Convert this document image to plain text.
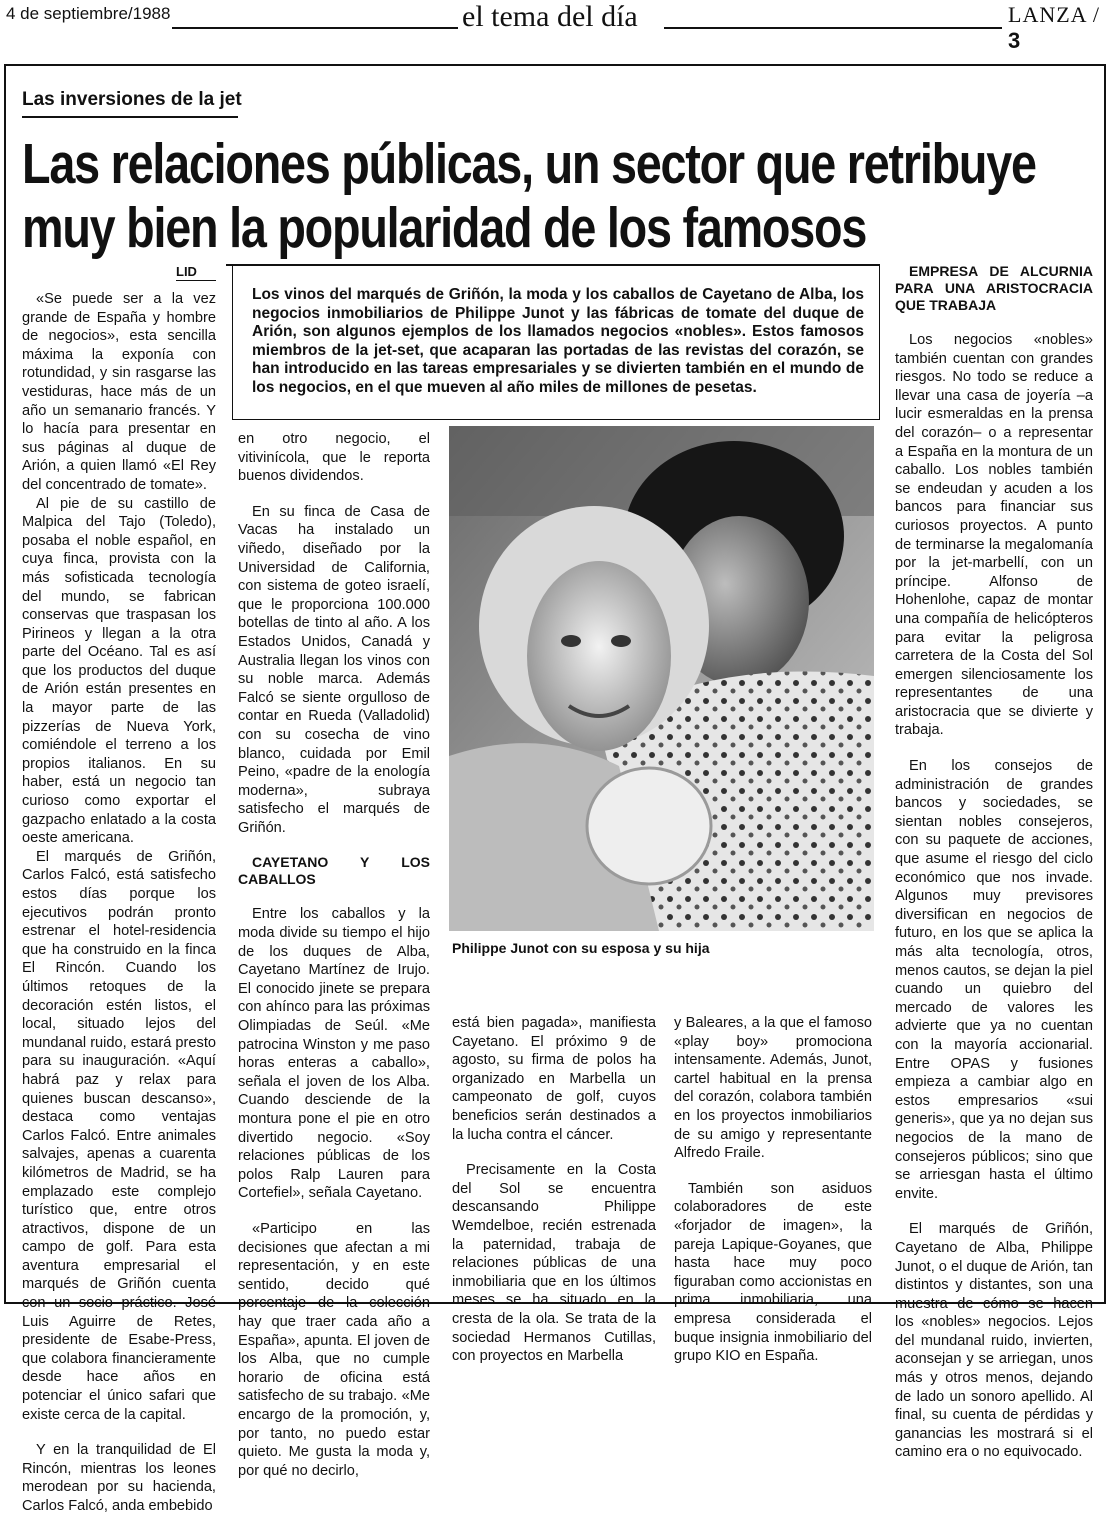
4 de septiembre/1988	el tema del día	LANZA / 3
Las inversiones de la jet
Las relaciones públicas, un sector que retribuye
muy bien la popularidad de los famosos
LID
Los vinos del marqués de Griñón, la moda y los caballos de Cayetano de Alba, los negocios inmobiliarios de Philippe Junot y las fábricas de tomate del duque de Arión, son algunos ejemplos de los llamados negocios «nobles». Estos famosos miembros de la jet-set, que acaparan las portadas de las revistas del corazón, se han introducido en las tareas empresariales y se divierten también en el mundo de los negocios, en el que mueven al año miles de millones de pesetas.

«Se puede ser a la vez grande de España y hombre de negocios», esta sencilla máxima la exponía con rotundidad, y sin rasgarse las vestiduras, hace más de un año un semanario francés. Y lo hacía para presentar en sus páginas al duque de Arión, a quien llamó «El Rey del concentrado de tomate».

Al pie de su castillo de Malpica del Tajo (Toledo), posaba el noble español, en cuya finca, provista con la más sofisticada tecnología del mundo, se fabrican conservas que traspasan los Pirineos y llegan a la otra parte del Océano. Tal es así que los productos del duque de Arión están presentes en la mayor parte de las pizzerías de Nueva York, comiéndole el terreno a los propios italianos. En su haber, está un negocio tan curioso como exportar el gazpacho enlatado a la costa oeste americana.

El marqués de Griñón, Carlos Falcó, está satisfecho estos días porque los ejecutivos podrán pronto estrenar el hotel-residencia que ha construido en la finca El Rincón. Cuando los últimos retoques de la decoración estén listos, el local, situado lejos del mundanal ruido, estará presto para su inauguración. «Aquí habrá paz y relax para quienes buscan descanso», destaca como ventajas Carlos Falcó. Entre animales salvajes, apenas a cuarenta kilómetros de Madrid, se ha emplazado este complejo turístico que, entre otros atractivos, dispone de un campo de golf. Para esta aventura empresarial el marqués de Griñón cuenta con un socio práctico. José Luis Aguirre de Retes, presidente de Esabe-Press, que colabora financieramente desde hace años en potenciar el único safari que existe cerca de la capital.

Y en la tranquilidad de El Rincón, mientras los leones merodean por su hacienda, Carlos Falcó, anda embebido

en otro negocio, el vitivinícola, que le reporta buenos dividendos.

En su finca de Casa de Vacas ha instalado un viñedo, diseñado por la Universidad de California, con sistema de goteo israelí, que le proporciona 100.000 botellas de tinto al año. A los Estados Unidos, Canadá y Australia llegan los vinos con su noble marca. Además Falcó se siente orgulloso de contar en Rueda (Valladolid) con su cosecha de vino blanco, cuidada por Emil Peino, «padre de la enología moderna», subraya satisfecho el marqués de Griñón.

CAYETANO Y LOS CABALLOS

Entre los caballos y la moda divide su tiempo el hijo de los duques de Alba, Cayetano Martínez de Irujo. El conocido jinete se prepara con ahínco para las próximas Olimpiadas de Seúl. «Me patrocina Winston y me paso horas enteras a caballo», señala el joven de los Alba. Cuando desciende de la montura pone el pie en otro divertido negocio. «Soy relaciones públicas de los polos Ralp Lauren para Cortefiel», señala Cayetano.

«Participo en las decisiones que afectan a mi representación, y en este sentido, decido qué porcentaje de la colección hay que traer cada año a España», apunta. El joven de los Alba, que no cumple horario de oficina está satisfecho de su trabajo. «Me encargo de la promoción, y, por tanto, no puedo estar quieto. Me gusta la moda y, por qué no decirlo,

Philippe Junot con su esposa y su hija

está bien pagada», manifiesta Cayetano. El próximo 9 de agosto, su firma de polos ha organizado en Marbella un campeonato de golf, cuyos beneficios serán destinados a la lucha contra el cáncer.

Precisamente en la Costa del Sol se encuentra descansando Philippe Wemdelboe, recién estrenada la paternidad, trabaja de relaciones públicas de una inmobiliaria que en los últimos meses se ha situado en la cresta de la ola. Se trata de la sociedad Hermanos Cutillas, con proyectos en Marbella

y Baleares, a la que el famoso «play boy» promociona intensamente. Además, Junot, cartel habitual en la prensa del corazón, colabora también en los proyectos inmobiliarios de su amigo y representante Alfredo Fraile.

También son asiduos colaboradores de este «forjador de imagen», la pareja Lapique-Goyanes, que hasta hace muy poco figuraban como accionistas en prima inmobiliaria, una empresa considerada el buque insignia inmobiliario del grupo KIO en España.

EMPRESA DE ALCURNIA PARA UNA ARISTOCRACIA QUE TRABAJA

Los negocios «nobles» también cuentan con grandes riesgos. No todo se reduce a llevar una casa de joyería –a lucir esmeraldas en la prensa del corazón– o a representar a España en la montura de un caballo. Los nobles también se endeudan y acuden a los bancos para financiar sus curiosos proyectos. A punto de terminarse la megalomanía por la jet-marbellí, con un príncipe. Alfonso de Hohenlohe, capaz de montar una compañía de helicópteros para evitar la peligrosa carretera de la Costa del Sol emergen silenciosamente los representantes de una aristocracia que se divierte y trabaja.

En los consejos de administración de grandes bancos y sociedades, se sientan nobles consejeros, con su paquete de acciones, que asume el riesgo del ciclo económico que nos invade. Algunos muy previsores diversifican en negocios de futuro, en los que se aplica la más alta tecnología, otros, menos cautos, se dejan la piel cuando un quiebro del mercado de valores les advierte que ya no cuentan con la mayoría accionarial. Entre OPAS y fusiones empieza a cambiar algo en estos empresarios «sui generis», que ya no dejan sus negocios de la mano de consejeros públicos; sino que se arriesgan hasta el último envite.

El marqués de Griñón, Cayetano de Alba, Philippe Junot, o el duque de Arión, tan distintos y distantes, son una muestra de cómo se hacen los «nobles» negocios. Lejos del mundanal ruido, invierten, aconsejan y se arriegan, unos más y otros menos, dejando de lado un sonoro apellido. Al final, su cuenta de pérdidas y ganancias les mostrará si el camino era o no equivocado.
